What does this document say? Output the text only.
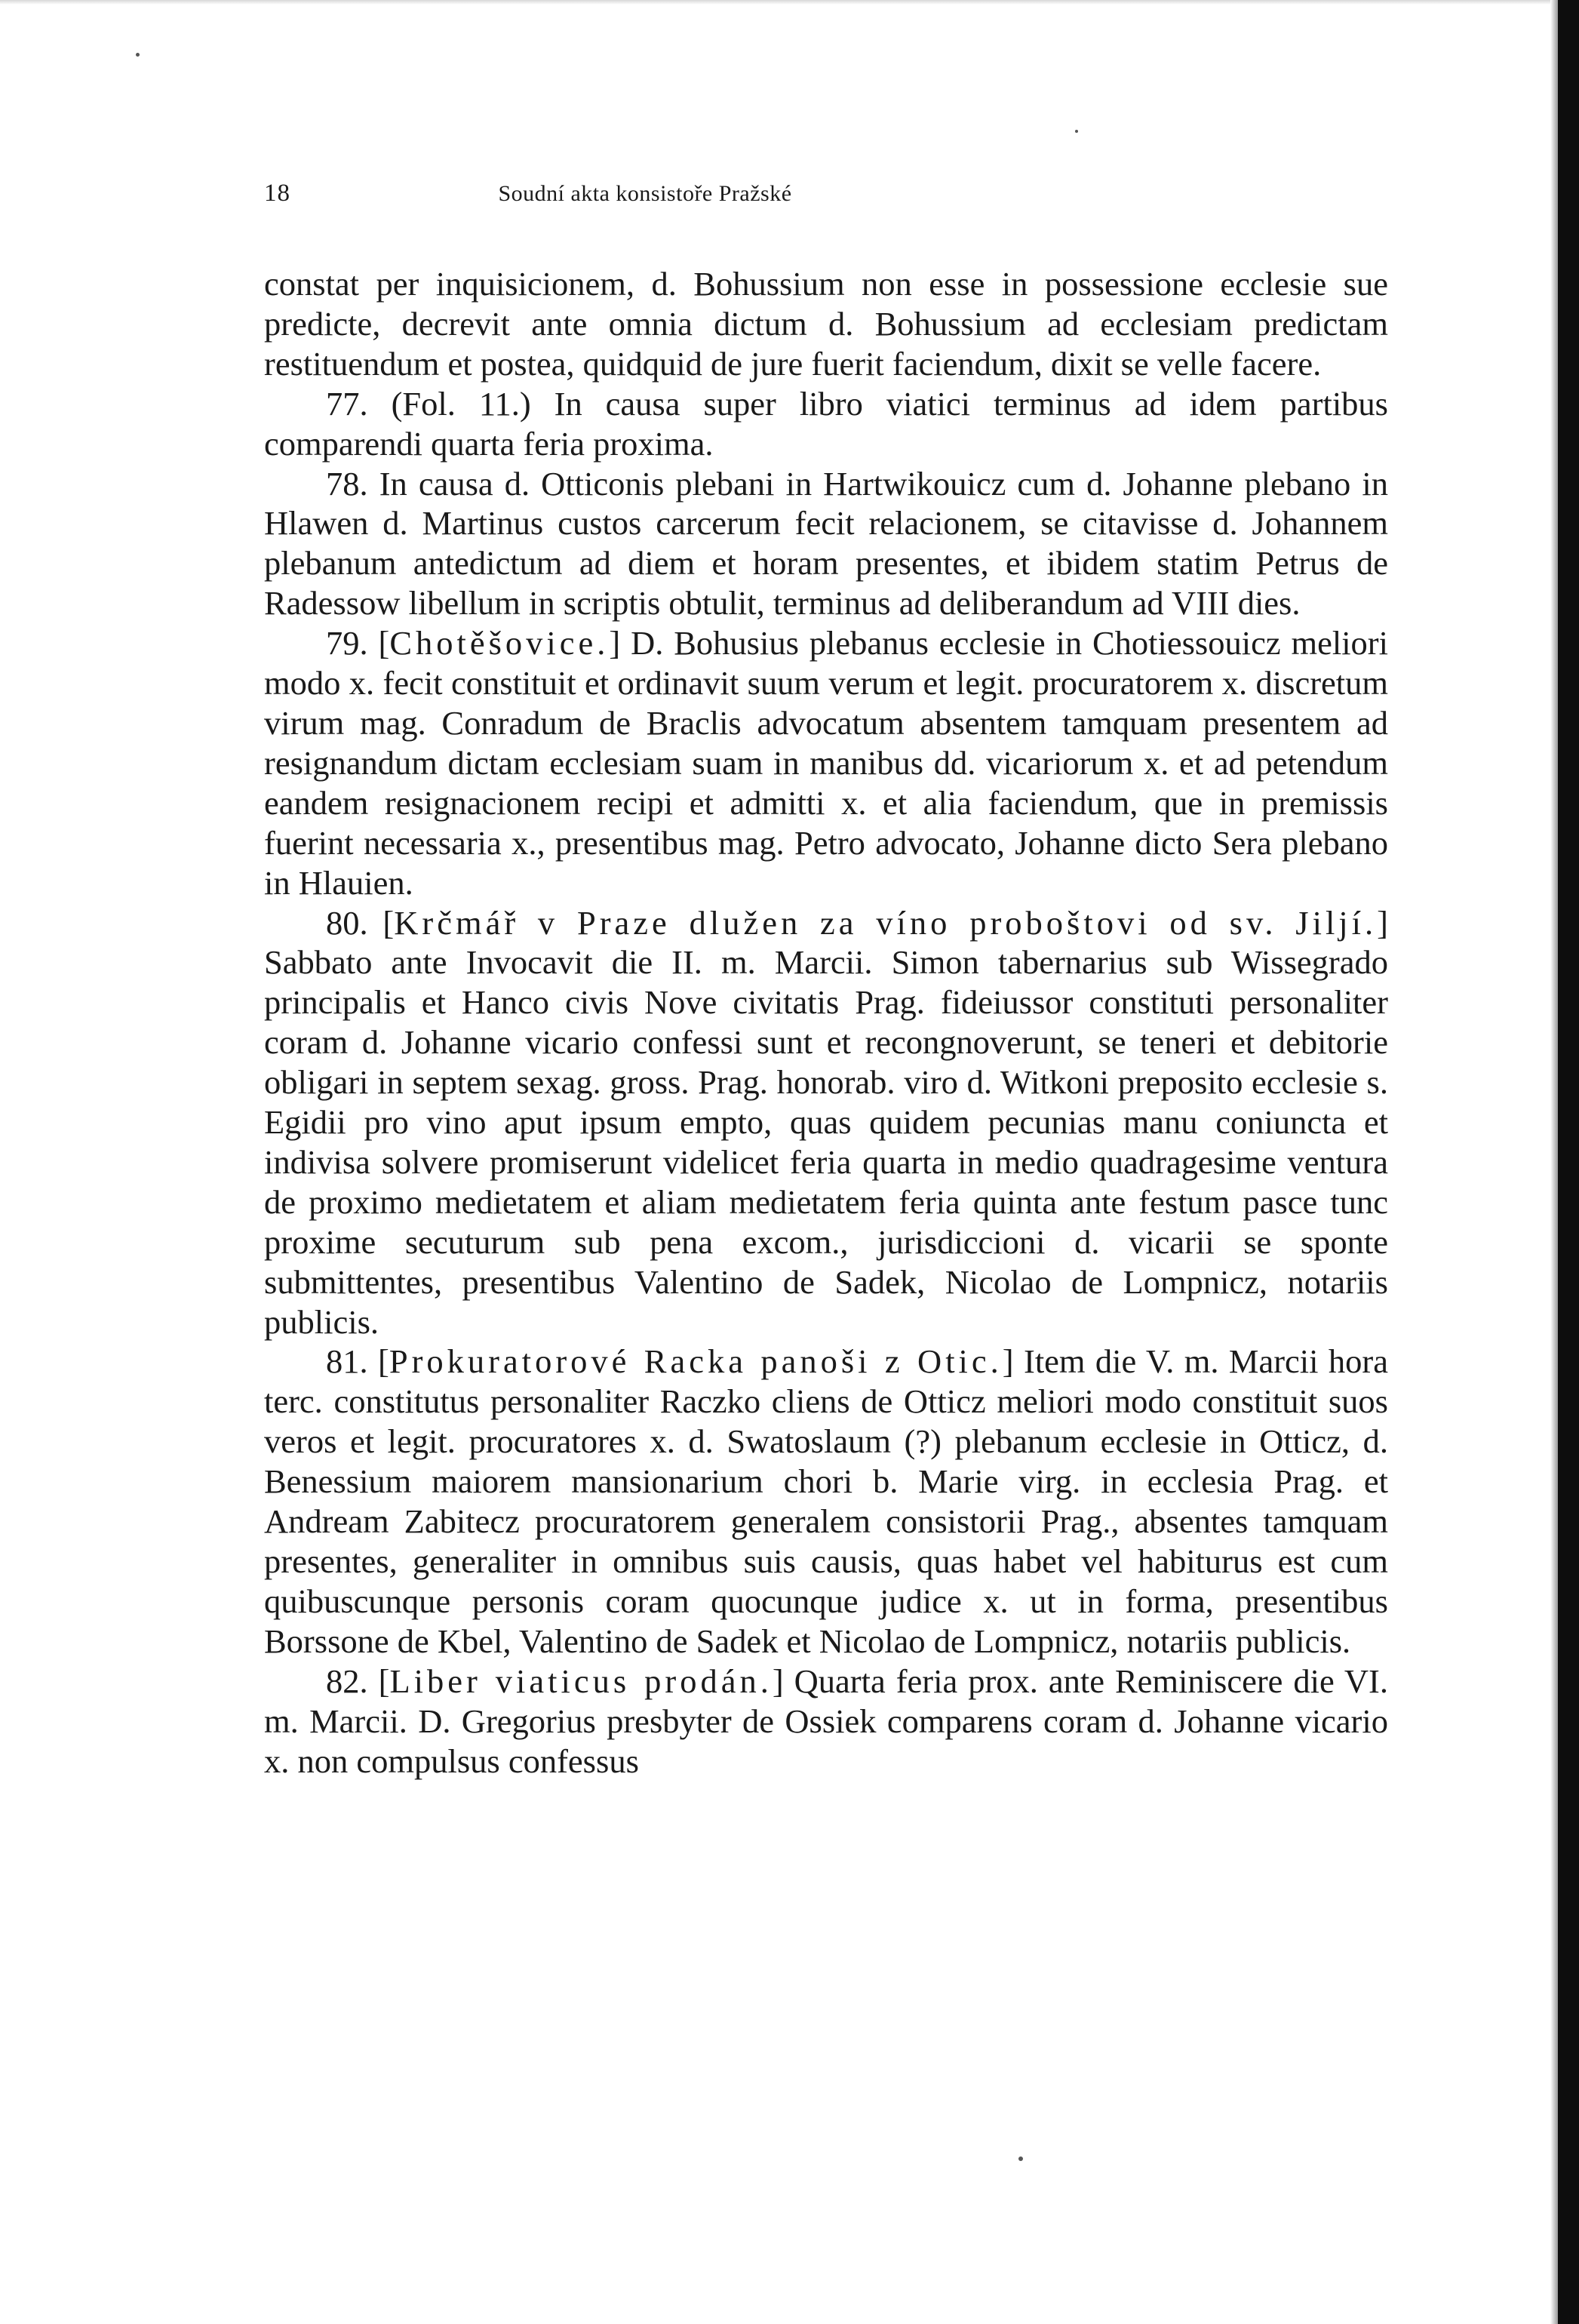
18	Soudní akta konsistoře Pražské

constat per inquisicionem, d. Bohussium non esse in possessione ecclesie sue predicte, decrevit ante omnia dictum d. Bohussium ad ecclesiam predictam restituendum et postea, quidquid de jure fuerit faciendum, dixit se velle facere.

77. (Fol. 11.) In causa super libro viatici terminus ad idem partibus comparendi quarta feria proxima.

78. In causa d. Otticonis plebani in Hartwikouicz cum d. Johanne plebano in Hlawen d. Martinus custos carcerum fecit relacionem, se citavisse d. Johannem plebanum antedictum ad diem et horam presentes, et ibidem statim Petrus de Radessow libellum in scriptis obtulit, terminus ad deliberandum ad VIII dies.

79. [Chotěšovice.] D. Bohusius plebanus ecclesie in Chotiessouicz meliori modo x. fecit constituit et ordinavit suum verum et legit. procuratorem x. discretum virum mag. Conradum de Braclis advocatum absentem tamquam presentem ad resignandum dictam ecclesiam suam in manibus dd. vicariorum x. et ad petendum eandem resignacionem recipi et admitti x. et alia faciendum, que in premissis fuerint necessaria x., presentibus mag. Petro advocato, Johanne dicto Sera plebano in Hlauien.

80. [Krčmář v Praze dlužen za víno proboštovi od sv. Jiljí.] Sabbato ante Invocavit die II. m. Marcii. Simon tabernarius sub Wissegrado principalis et Hanco civis Nove civitatis Prag. fideiussor constituti personaliter coram d. Johanne vicario confessi sunt et recongnoverunt, se teneri et debitorie obligari in septem sexag. gross. Prag. honorab. viro d. Witkoni preposito ecclesie s. Egidii pro vino aput ipsum empto, quas quidem pecunias manu coniuncta et indivisa solvere promiserunt videlicet feria quarta in medio quadragesime ventura de proximo medietatem et aliam medietatem feria quinta ante festum pasce tunc proxime secuturum sub pena excom., jurisdiccioni d. vicarii se sponte submittentes, presentibus Valentino de Sadek, Nicolao de Lompnicz, notariis publicis.

81. [Prokuratorové Racka panoši z Otic.] Item die V. m. Marcii hora terc. constitutus personaliter Raczko cliens de Otticz meliori modo constituit suos veros et legit. procuratores x. d. Swatoslaum (?) plebanum ecclesie in Otticz, d. Benessium maiorem mansionarium chori b. Marie virg. in ecclesia Prag. et Andream Zabitecz procuratorem generalem consistorii Prag., absentes tamquam presentes, generaliter in omnibus suis causis, quas habet vel habiturus est cum quibuscunque personis coram quocunque judice x. ut in forma, presentibus Borssone de Kbel, Valentino de Sadek et Nicolao de Lompnicz, notariis publicis.

82. [Liber viaticus prodán.] Quarta feria prox. ante Reminiscere die VI. m. Marcii. D. Gregorius presbyter de Ossiek comparens coram d. Johanne vicario x. non compulsus confessus
